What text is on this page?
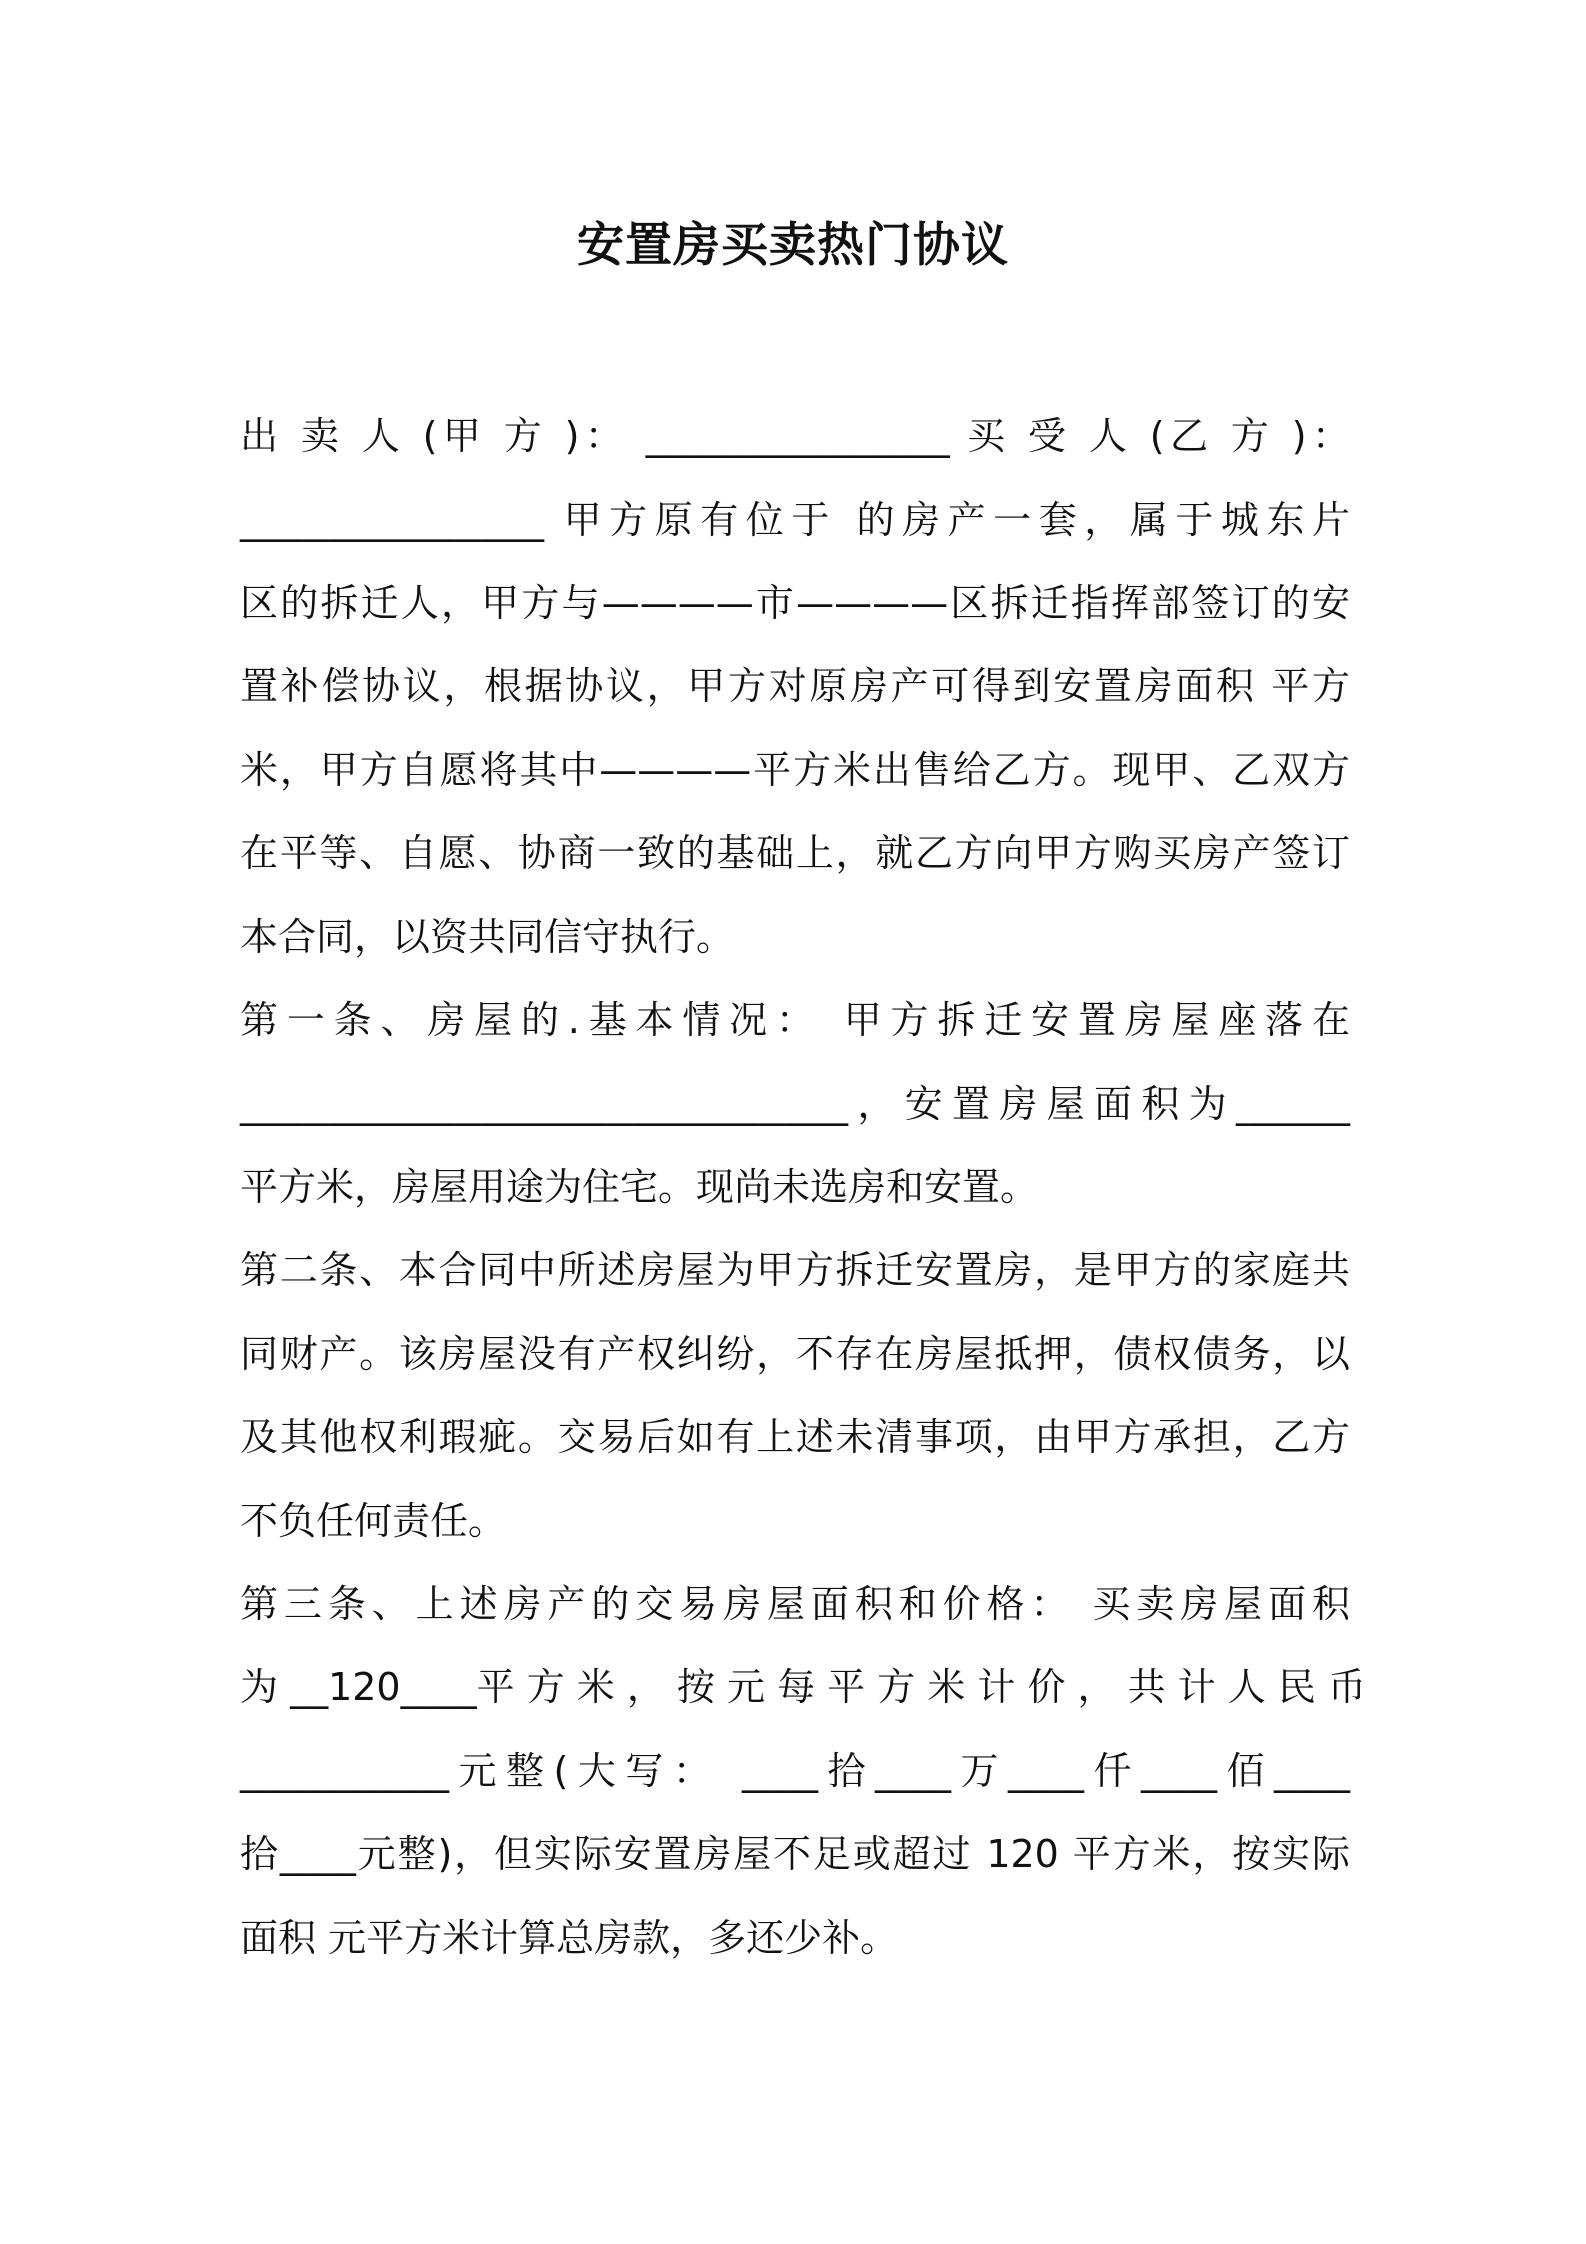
安置房买卖热门协议
出 卖 人 (甲 方 )： ________________ 买 受 人 (乙 方 )：
________________ 甲方原有位于 的房产一套，属于城东片
区的拆迁人，甲方与————市————区拆迁指挥部签订的安
置补偿协议，根据协议，甲方对原房产可得到安置房面积 平方
米，甲方自愿将其中————平方米出售给乙方。现甲、乙双方
在平等、自愿、协商一致的基础上，就乙方向甲方购买房产签订
本合同，以资共同信守执行。
第一条、房屋的.基本情况： 甲方拆迁安置房屋座落在
________________________________，安置房屋面积为______
平方米，房屋用途为住宅。现尚未选房和安置。
第二条、本合同中所述房屋为甲方拆迁安置房，是甲方的家庭共
同财产。该房屋没有产权纠纷，不存在房屋抵押，债权债务，以
及其他权利瑕疵。交易后如有上述未清事项，由甲方承担，乙方
不负任何责任。
第三条、上述房产的交易房屋面积和价格： 买卖房屋面积
为 __120____平 方 米 ， 按 元 每 平 方 米 计 价 ， 共 计 人 民 币
___________元整(大写： ____拾____万____仟____佰____
拾____元整)，但实际安置房屋不足或超过 120 平方米，按实际
面积 元平方米计算总房款，多还少补。
